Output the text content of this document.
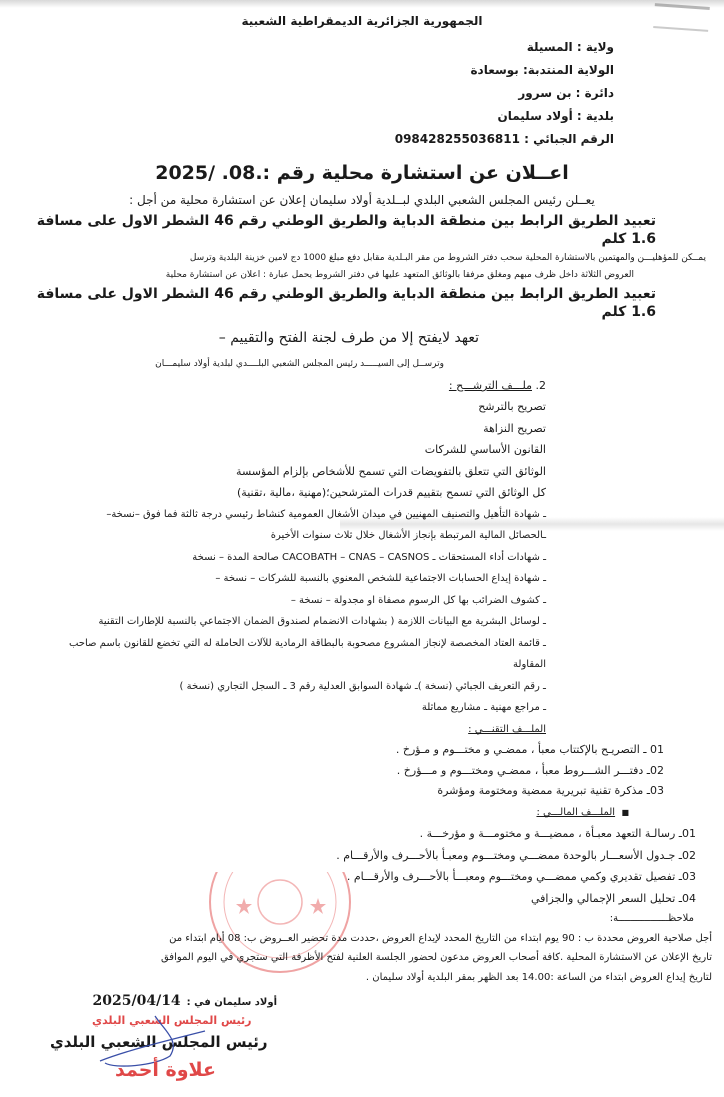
الجمهورية الجزائرية الديمقراطية الشعبية
ولاية : المسيلة
الولاية المنتدبة: بوسعادة
دائرة : بن سرور
بلدية : أولاد سليمان
الرقم الجبائي : 098428255036811
اعــلان عن استشارة محلية رقم :.08. /2025
يعــلن رئيس المجلس الشعبي البلدي لبــلدية أولاد سليمان إعلان عن استشارة محلية من أجل :
تعبيد الطريق الرابط بين منطقة الدباية والطريق الوطني رقم 46 الشطر الاول على مسافة 1.6 كلم
يمــكن للمؤهليـــن والمهتمين بالاستشارة المحلية سحب دفتر الشروط من مقر البـلدية مقابل دفع مبلغ 1000 دج لامين خزينة البلدية وترسل
العروض الثلاثة داخل ظرف مبهم ومغلق مرفقا بالوثائق المتعهد عليها في دفتر الشروط يحمل عبارة : اعلان عن استشارة محلية
تعبيد الطريق الرابط بين منطقة الدباية والطريق الوطني رقم 46 الشطر الاول على مسافة 1.6 كلم
تعهد لايفتح إلا من طرف لجنة الفتح والتقييم –
وترســل إلى السيـــــد رئيس المجلس الشعبي البلــــدي لبلدية أولاد سليمـــان
2. ملـــف الترشـــح :
تصريح بالترشح
تصريح النزاهة
القانون الأساسي للشركات
الوثائق التي تتعلق بالتفويضات التي تسمح للأشخاص بإلزام المؤسسة
كل الوثائق التي تسمح بتقييم قدرات المترشحين؛(مهنية ،مالية ،تقنية)
ـ شهادة التأهيل والتصنيف المهنيين في ميدان الأشغال العمومية كنشاط رئيسي درجة ثالثة فما فوق –نسخة–
ـالحصائل المالية المرتبطة بإنجاز الأشغال خلال ثلاث سنوات الأخيرة
ـ شهادات أداء المستحقات ـ CACOBATH – CNAS – CASNOS صالحة المدة – نسخة
ـ شهادة إيداع الحسابات الاجتماعية للشخص المعنوي بالنسبة للشركات – نسخة –
ـ كشوف الضرائب بها كل الرسوم مصفاة او مجدولة – نسخة –
ـ لوسائل البشرية مع البيانات اللازمة ( بشهادات الانضمام لصندوق الضمان الاجتماعي بالنسبة للإطارات التقنية
ـ قائمة العتاد المخصصة لإنجاز المشروع مصحوبة بالبطاقة الرمادية للآلات الحاملة له التي تخضع للقانون باسم صاحب
المقاولة
ـ رقم التعريف الجبائي (نسخة )ـ شهادة السوابق العدلية رقم 3 ـ السجل التجاري (نسخة )
ـ مراجع مهنية ـ مشاريع مماثلة
الملـــف التقنـــي :
01 ـ التصريـح بالإكتتاب معبأ ، ممضـي و مختـــوم و مـؤرخ .
02ـ دفتـــر الشـــروط معبأ ، ممضـي ومختـــوم و مـــؤرخ .
03ـ مذكرة تقنية تبريرية ممضية ومختومة ومؤشرة
■  الملـــف المالـــي :
01ـ رسالـة التعهد معبـأة ، ممضيـــة و مختومـــة و مؤرخـــة .
02ـ جـدول الأسعـــار بالوحدة ممضـــي ومختـــوم ومعبـأ بالأحـــرف والأرقـــام .
03ـ تفصيل تقديري وكمي ممضـــي ومختـــوم ومعبـــأ بالأحـــرف والأرقـــام .
04ـ تحليل السعر الإجمالي والجزافي
ملاحظـــــــــــــــــة:
أجل صلاحية العروض محددة ب : 90 يوم ابتداء من التاريخ المحدد لإيداع العروض ،حددت مدة تحضير العــروض ب: 08 أيام ابتداء من
تاريخ الإعلان عن الاستشارة المحلية .كافة أصحاب العروض مدعون لحضور الجلسة العلنية لفتح الأظرفة التي ستجري في اليوم الموافق
لتاريخ إيداع العروض ابتداء من الساعة :14.00 بعد الظهر بمقر البلدية أولاد سليمان .
أولاد سليمان في :
2025/04/14
رئيس المجلس الشعبي البلدي
رئيس المجلس الشعبي البلدي
علاوة أحمد
